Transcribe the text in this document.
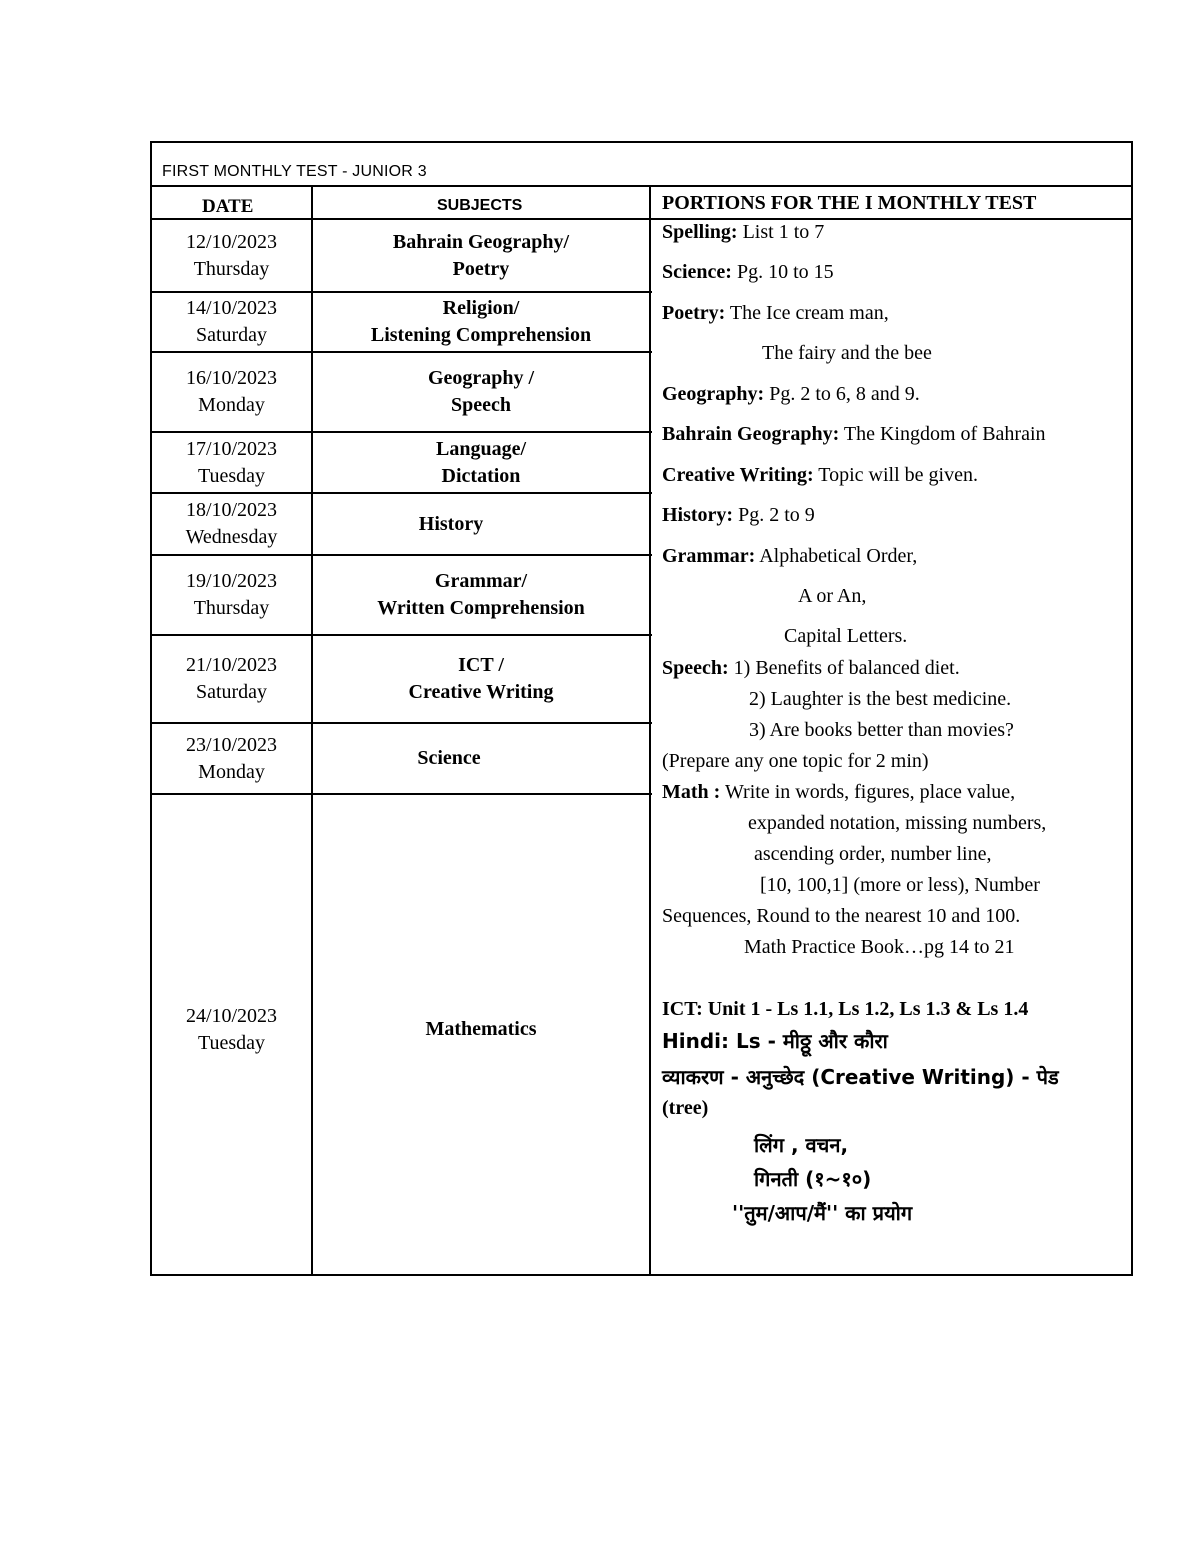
FIRST MONTHLY TEST - JUNIOR 3
DATE	SUBJECTS	PORTIONS FOR THE I MONTHLY TEST
12/10/2023
Thursday
14/10/2023
Saturday
16/10/2023
Monday
17/10/2023
Tuesday
18/10/2023
Wednesday
19/10/2023
Thursday
21/10/2023
Saturday
23/10/2023
Monday
24/10/2023
Tuesday
Bahrain Geography/
Poetry
Religion/
Listening Comprehension
Geography /
Speech
Language/
Dictation
History
Grammar/
Written Comprehension
ICT /
Creative Writing
Science
Mathematics
Spelling: List 1 to 7
Science: Pg. 10 to 15
Poetry: The Ice cream man,
The fairy and the bee
Geography: Pg. 2 to 6, 8 and 9.
Bahrain Geography: The Kingdom of Bahrain
Creative Writing: Topic will be given.
History: Pg. 2 to 9
Grammar: Alphabetical Order,
A or An,
Capital Letters.
Speech: 1) Benefits of balanced diet.
2) Laughter is the best medicine.
3) Are books better than movies?
(Prepare any one topic for 2 min)
Math : Write in words, figures, place value,
expanded notation, missing numbers,
ascending order, number line,
[10, 100,1] (more or less), Number
Sequences, Round to the nearest 10 and 100.
Math Practice Book…pg 14 to 21
ICT: Unit 1 - Ls 1.1, Ls 1.2, Ls 1.3 & Ls 1.4
Hindi: Ls - मीठ्ठू और कौरा
व्याकरण - अनुच्छेद (Creative Writing) - पेड
(tree)
लिंग , वचन,
गिनती (१~१०)
''तुम/आप/मैं'' का प्रयोग
